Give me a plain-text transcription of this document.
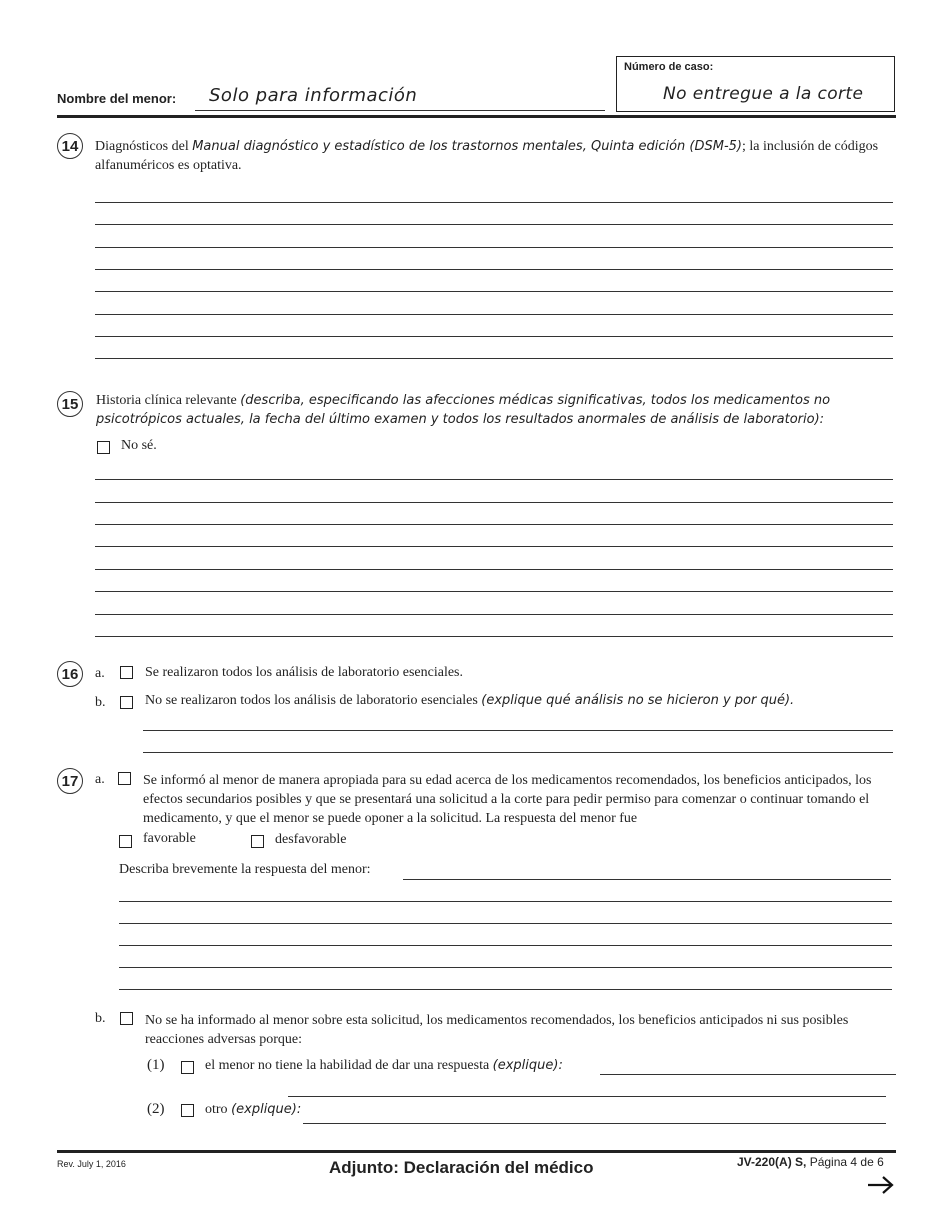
Nombre del menor: Solo para información
Número de caso:
No entregue a la corte
14	Diagnósticos del Manual diagnóstico y estadístico de los trastornos mentales, Quinta edición (DSM-5); la inclusión de códigos alfanuméricos es optativa.
15	Historia clínica relevante (describa, especificando las afecciones médicas significativas, todos los medicamentos no psicotrópicos actuales, la fecha del último examen y todos los resultados anormales de análisis de laboratorio):
No sé.
16	a.	Se realizaron todos los análisis de laboratorio esenciales.
b.	No se realizaron todos los análisis de laboratorio esenciales (explique qué análisis no se hicieron y por qué).
17	a.	Se informó al menor de manera apropiada para su edad acerca de los medicamentos recomendados, los beneficios anticipados, los efectos secundarios posibles y que se presentará una solicitud a la corte para pedir permiso para comenzar o continuar tomando el medicamento, y que el menor se puede oponer a la solicitud. La respuesta del menor fue
favorable	desfavorable
Describa brevemente la respuesta del menor:
b.	No se ha informado al menor sobre esta solicitud, los medicamentos recomendados, los beneficios anticipados ni sus posibles reacciones adversas porque:
(1)	el menor no tiene la habilidad de dar una respuesta (explique):
(2)	otro (explique):
Rev. July 1, 2016	Adjunto: Declaración del médico	JV-220(A) S, Página 4 de 6
